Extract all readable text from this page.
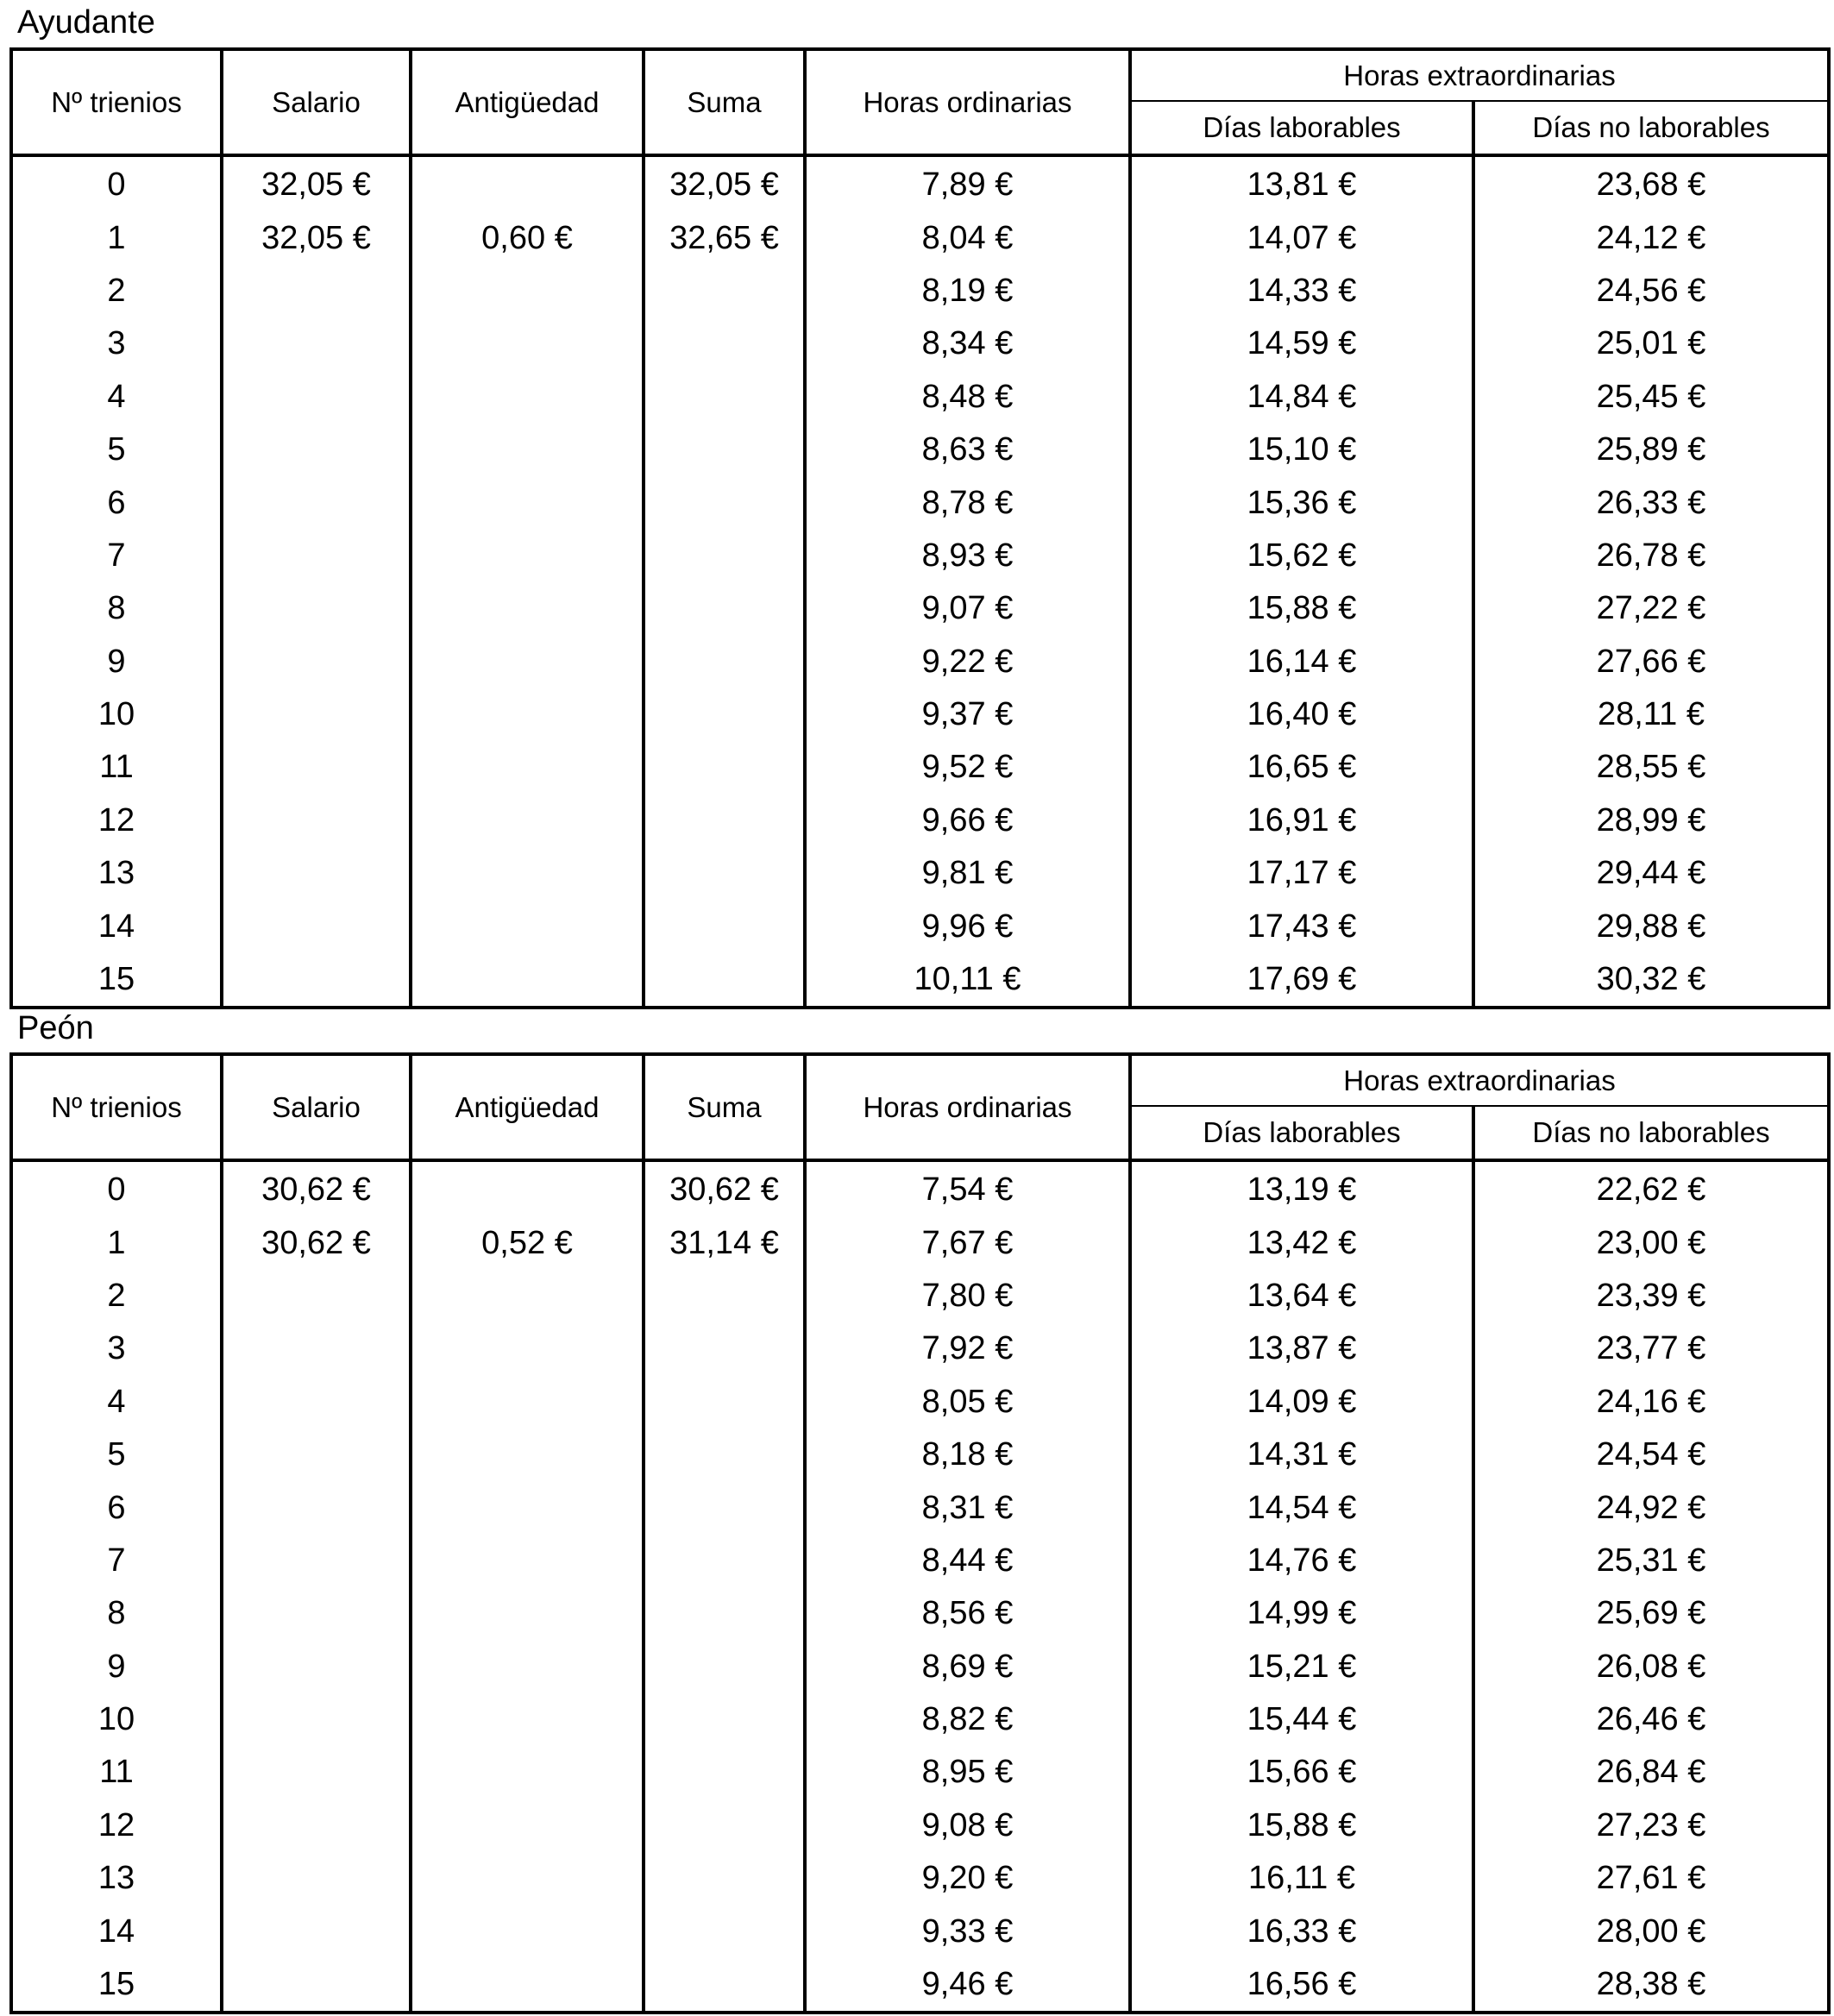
Ayudante
Nº trienios	Salario	Antigüedad	Suma	Horas ordinarias	Horas extraordinarias	
					Días laborables	Días no laborables
0	32,05 €		32,05 €	7,89 €	13,81 €	23,68 €
1	32,05 €	0,60 €	32,65 €	8,04 €	14,07 €	24,12 €
2				8,19 €	14,33 €	24,56 €
3				8,34 €	14,59 €	25,01 €
4				8,48 €	14,84 €	25,45 €
5				8,63 €	15,10 €	25,89 €
6				8,78 €	15,36 €	26,33 €
7				8,93 €	15,62 €	26,78 €
8				9,07 €	15,88 €	27,22 €
9				9,22 €	16,14 €	27,66 €
10				9,37 €	16,40 €	28,11 €
11				9,52 €	16,65 €	28,55 €
12				9,66 €	16,91 €	28,99 €
13				9,81 €	17,17 €	29,44 €
14				9,96 €	17,43 €	29,88 €
15				10,11 €	17,69 €	30,32 €
Peón
Nº trienios	Salario	Antigüedad	Suma	Horas ordinarias	Horas extraordinarias	
					Días laborables	Días no laborables
0	30,62 €		30,62 €	7,54 €	13,19 €	22,62 €
1	30,62 €	0,52 €	31,14 €	7,67 €	13,42 €	23,00 €
2				7,80 €	13,64 €	23,39 €
3				7,92 €	13,87 €	23,77 €
4				8,05 €	14,09 €	24,16 €
5				8,18 €	14,31 €	24,54 €
6				8,31 €	14,54 €	24,92 €
7				8,44 €	14,76 €	25,31 €
8				8,56 €	14,99 €	25,69 €
9				8,69 €	15,21 €	26,08 €
10				8,82 €	15,44 €	26,46 €
11				8,95 €	15,66 €	26,84 €
12				9,08 €	15,88 €	27,23 €
13				9,20 €	16,11 €	27,61 €
14				9,33 €	16,33 €	28,00 €
15				9,46 €	16,56 €	28,38 €
